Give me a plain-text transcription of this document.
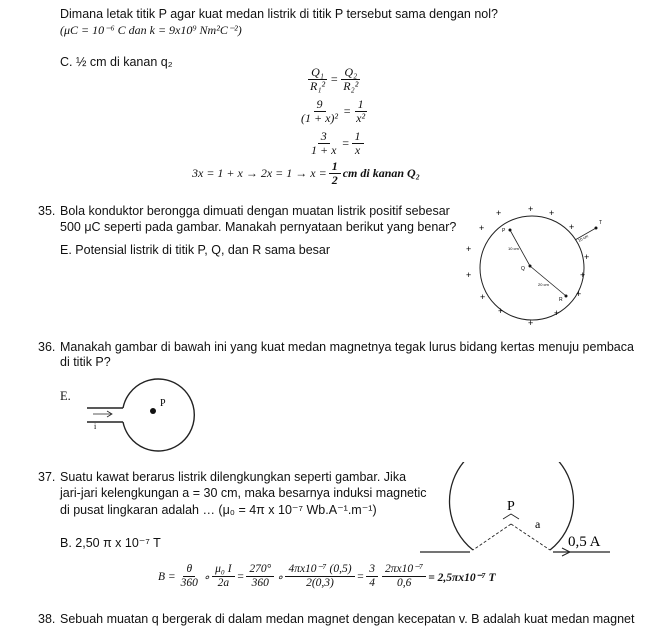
Dimana letak titik P agar kuat medan listrik di titik P tersebut sama dengan nol?
(μC = 10⁻⁶ C dan k = 9x10⁹ Nm²C⁻²)
C. ½ cm di kanan q₂
$\frac{\text{Q₁}}{\text{R₁²}} = \frac{\text{Q₂}}{\text{R₂²}}$
$\frac{9}{\text{(1 + x)²}} = \frac{1}{\text{x²}}$
$\frac{3}{1 + x} = \frac{1}{x}$
$3x = 1 + x \to 2x = 1 \to x = \frac{1}{2}$ cm di kanan Q₂
35. Bola konduktor berongga dimuati dengan muatan listrik positif sebesar
500 μC seperti pada gambar. Manakah pernyataan berikut yang benar?
E. Potensial listrik di titik P, Q, dan R sama besar
P
Q
R
T
10 cm
20 cm
10 cm
+
+	+
+	+
+
+
+
+
+	+
+
+
+
36. Manakah gambar di bawah ini yang kuat medan magnetnya tegak lurus bidang kertas menuju pembaca
di titik P?
E.
i
P
37. Suatu kawat berarus listrik dilengkungkan seperti gambar. Jika
jari-jari kelengkungan a = 30 cm, maka besarnya induksi magnetic
di pusat lingkaran adalah … (μ₀ = 4π x 10⁻⁷ Wb.A⁻¹.m⁻¹)
B. 2,50 π x 10⁻⁷ T
P
a
0,5 A
$B = \frac{\theta}{360}$ ∘ $\frac{\text{μ₀ I}}{2a} = \frac{270^\circ}{360}$ ∘ $\frac{\text{4πx10⁻⁷ (0,5)}}{2(0,3)} = \frac{3}{4} \frac{\text{2πx10⁻⁷}}{0,6} = 2,5\pi x10^{-7}$ T
38. Sebuah muatan q bergerak di dalam medan magnet dengan kecepatan v. B adalah kuat medan magnet
